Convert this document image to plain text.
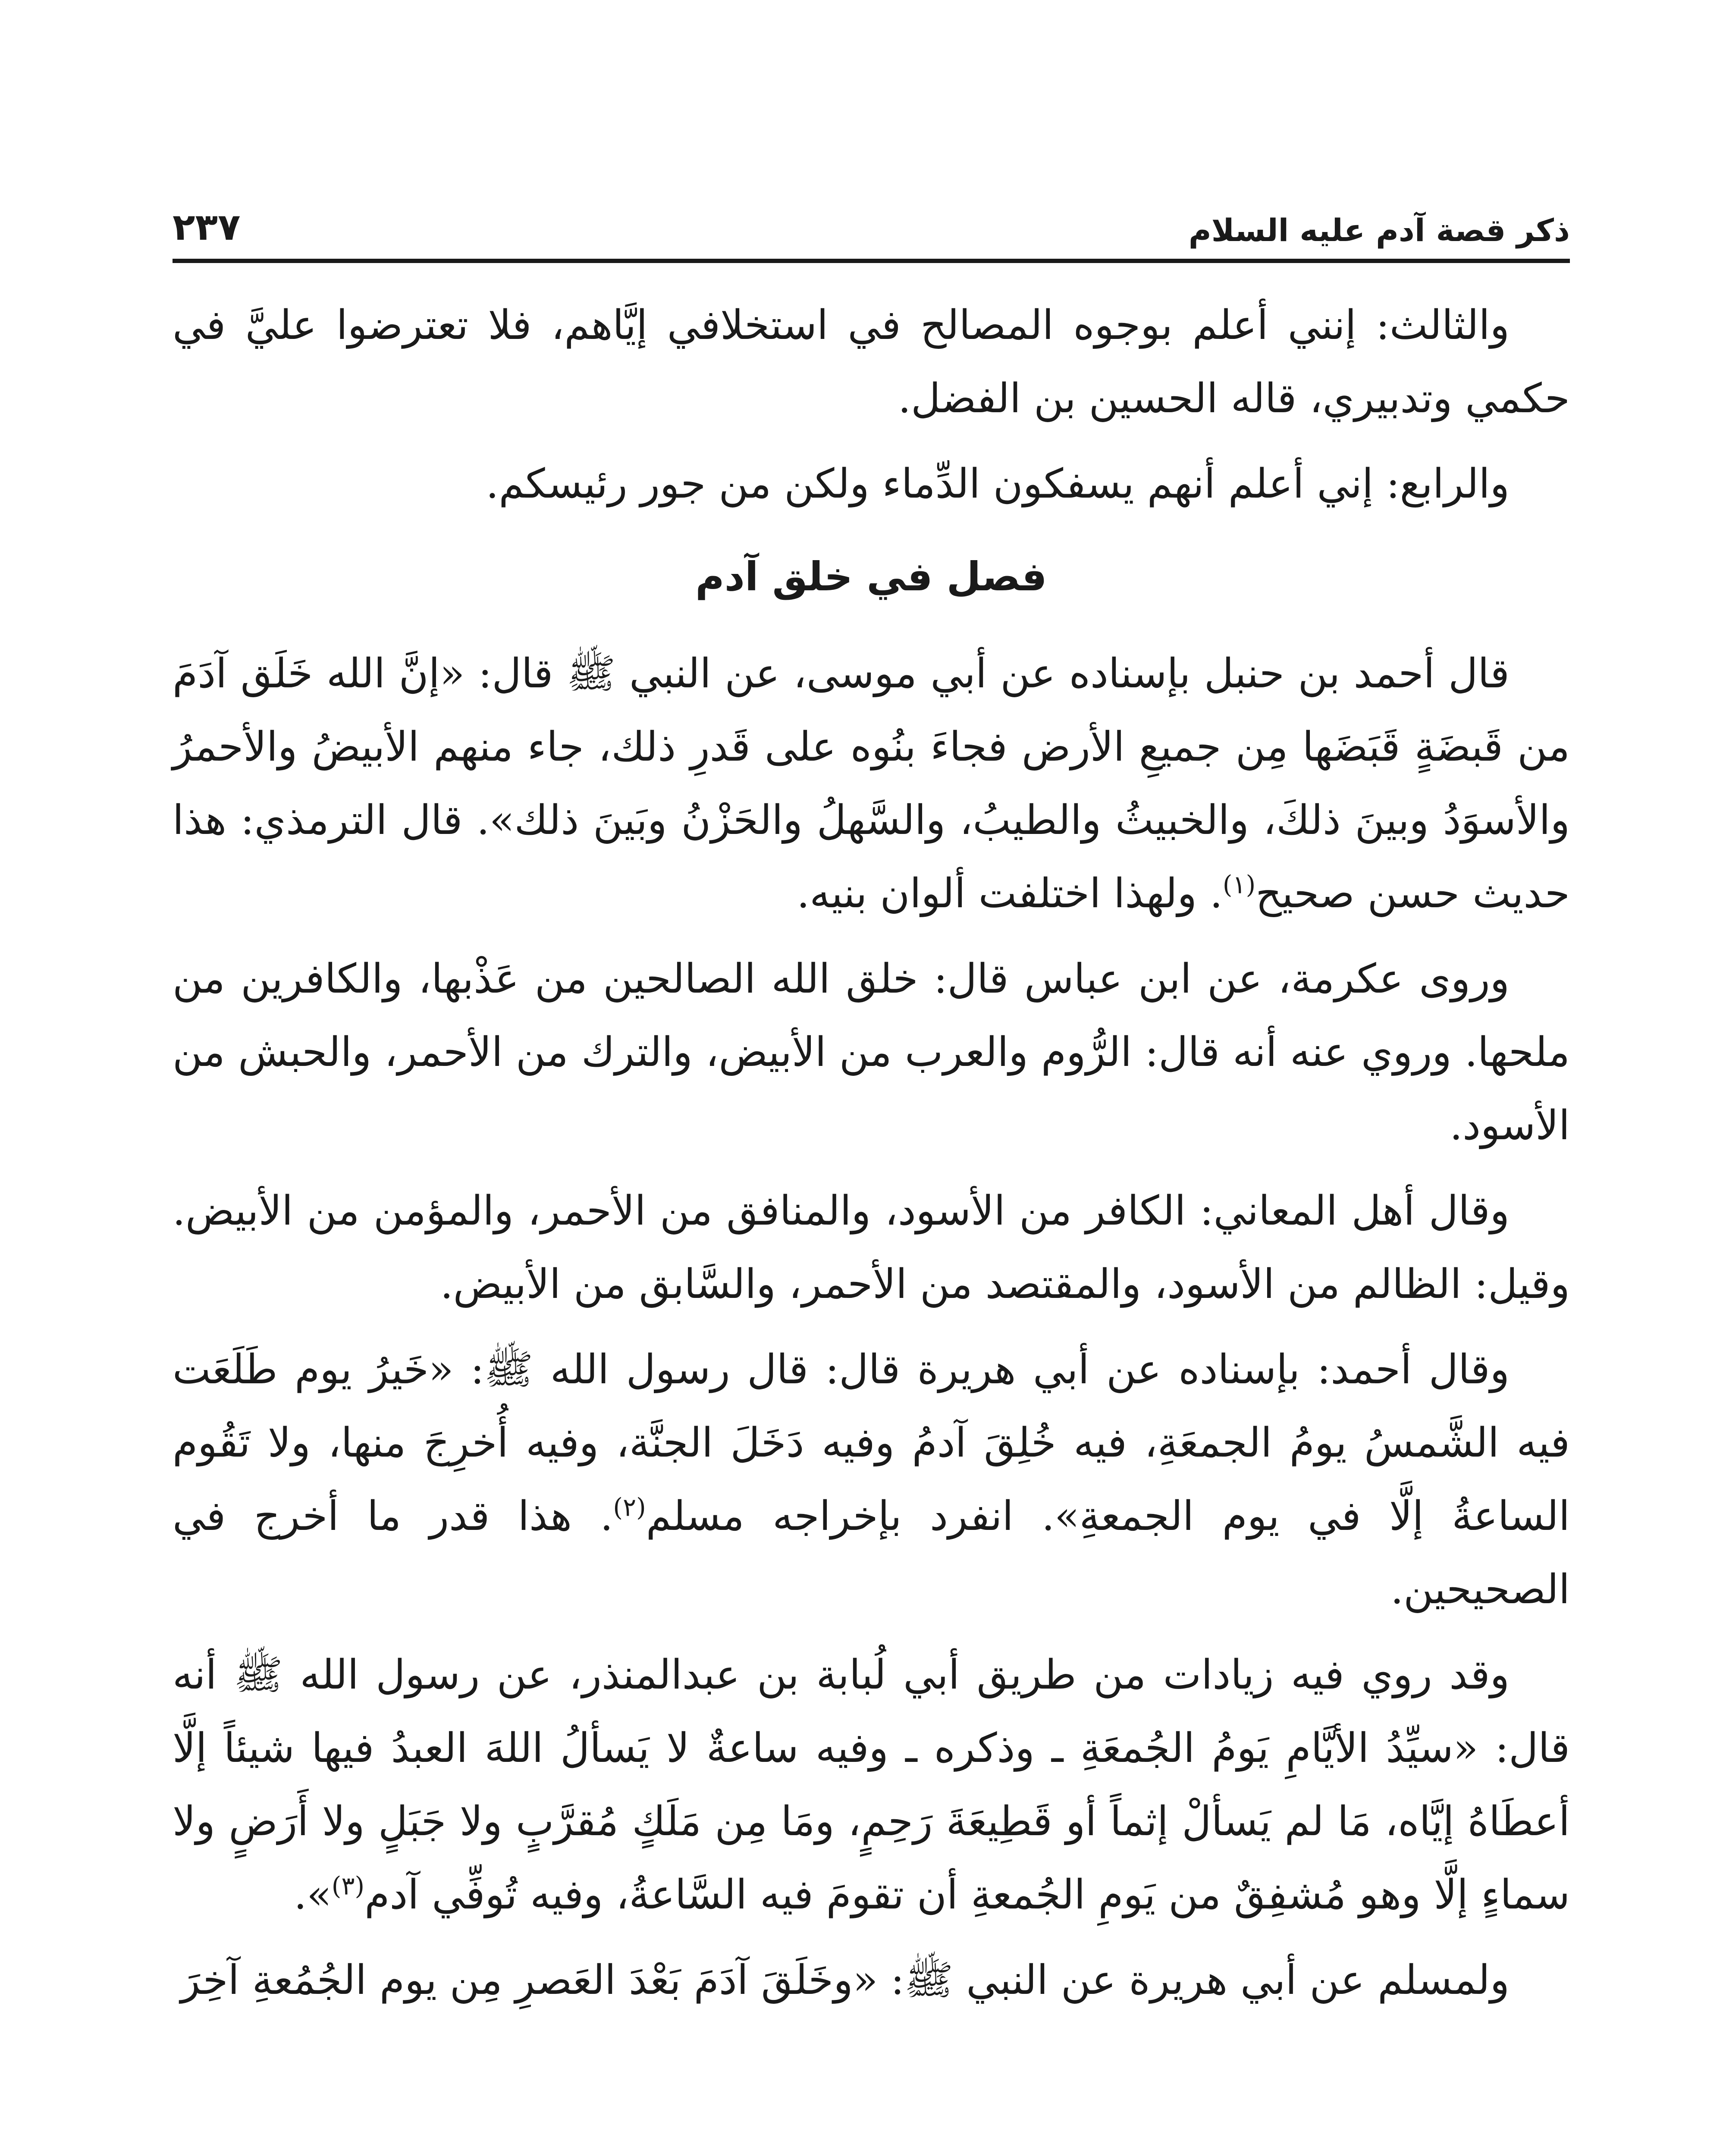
ذكر قصة آدم عليه السلام
٢٣٧

والثالث: إنني أعلم بوجوه المصالح في استخلافي إيَّاهم، فلا تعترضوا عليَّ في حكمي وتدبيري، قاله الحسين بن الفضل.

والرابع: إني أعلم أنهم يسفكون الدِّماء ولكن من جور رئيسكم.

فصل في خلق آدم

قال أحمد بن حنبل بإسناده عن أبي موسى، عن النبي ﷺ قال: «إنَّ الله خَلَق آدَمَ من قَبضَةٍ قَبَضَها مِن جميعِ الأرض فجاءَ بنُوه على قَدرِ ذلك، جاء منهم الأبيضُ والأحمرُ والأسوَدُ وبينَ ذلكَ، والخبيثُ والطيبُ، والسَّهلُ والحَزْنُ وبَينَ ذلك». قال الترمذي: هذا حديث حسن صحيح$^{(١)}$. ولهذا اختلفت ألوان بنيه.

وروى عكرمة، عن ابن عباس قال: خلق الله الصالحين من عَذْبها، والكافرين من ملحها. وروي عنه أنه قال: الرُّوم والعرب من الأبيض، والترك من الأحمر، والحبش من الأسود.

وقال أهل المعاني: الكافر من الأسود، والمنافق من الأحمر، والمؤمن من الأبيض. وقيل: الظالم من الأسود، والمقتصد من الأحمر، والسَّابق من الأبيض.

وقال أحمد: بإسناده عن أبي هريرة قال: قال رسول الله ﷺ: «خَيرُ يوم طَلَعَت فيه الشَّمسُ يومُ الجمعَةِ، فيه خُلِقَ آدمُ وفيه دَخَلَ الجنَّة، وفيه أُخرِجَ منها، ولا تَقُوم الساعةُ إلَّا في يوم الجمعةِ». انفرد بإخراجه مسلم$^{(٢)}$. هذا قدر ما أخرج في الصحيحين.

وقد روي فيه زيادات من طريق أبي لُبابة بن عبدالمنذر، عن رسول الله ﷺ أنه قال: «سيِّدُ الأيَّامِ يَومُ الجُمعَةِ ـ وذكره ـ وفيه ساعةٌ لا يَسألُ اللهَ العبدُ فيها شيئاً إلَّا أعطَاهُ إيَّاه، مَا لم يَسألْ إثماً أو قَطِيعَةَ رَحِمٍ، ومَا مِن مَلَكٍ مُقرَّبٍ ولا جَبَلٍ ولا أَرَضٍ ولا سماءٍ إلَّا وهو مُشفِقٌ من يَومِ الجُمعةِ أن تقومَ فيه السَّاعةُ، وفيه تُوفِّي آدم$^{(٣)}$».

ولمسلم عن أبي هريرة عن النبي ﷺ: «وخَلَقَ آدَمَ بَعْدَ العَصرِ مِن يوم الجُمُعةِ آخِرَ
